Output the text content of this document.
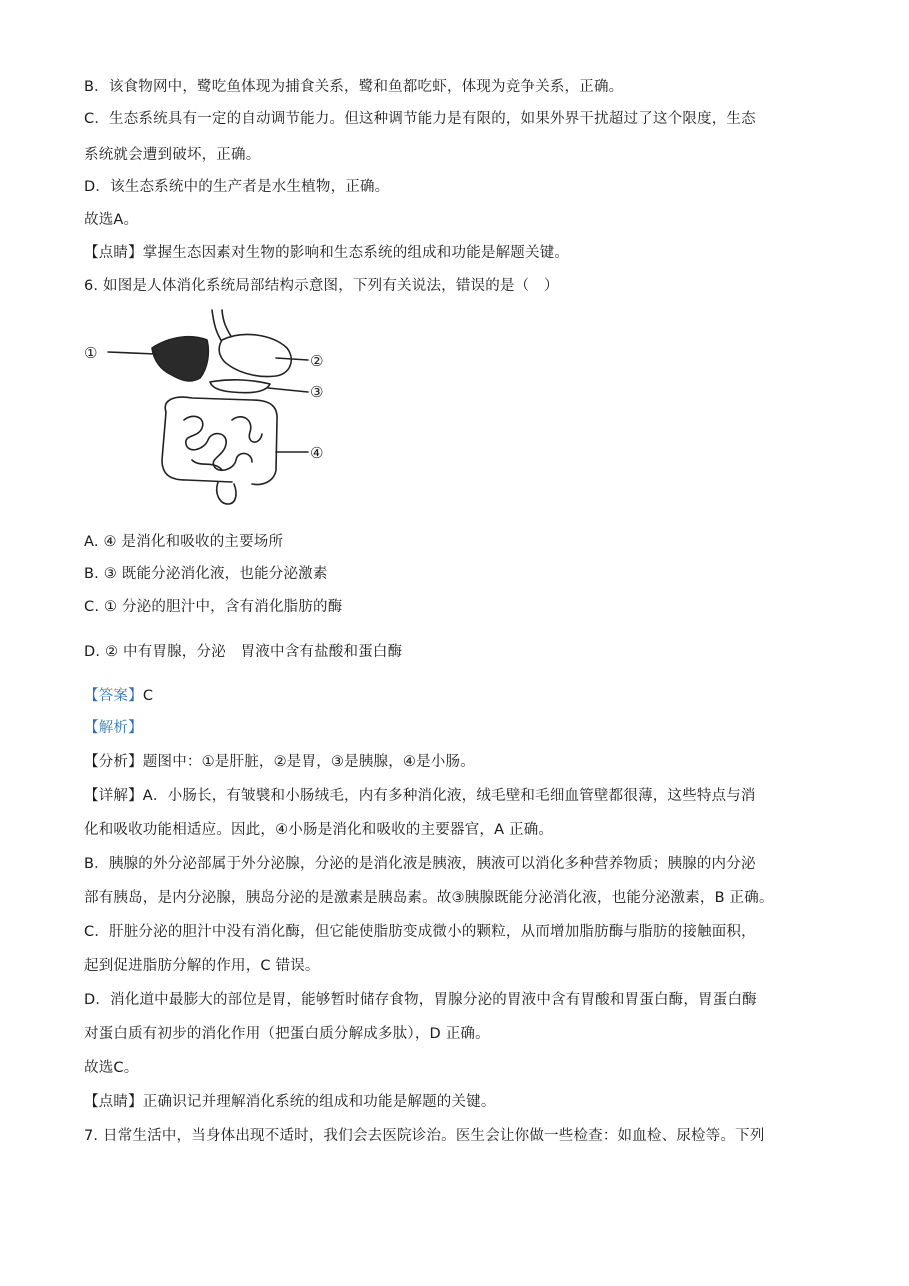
B．该食物网中，鹭吃鱼体现为捕食关系，鹭和鱼都吃虾，体现为竞争关系，正确。
C．生态系统具有一定的自动调节能力。但这种调节能力是有限的，如果外界干扰超过了这个限度，生态
系统就会遭到破坏，正确。
D．该生态系统中的生产者是水生植物，正确。
故选A。
【点睛】掌握生态因素对生物的影响和生态系统的组成和功能是解题关键。
6. 如图是人体消化系统局部结构示意图，下列有关说法，错误的是（　）
①	②
③
④
A. ④ 是消化和吸收的主要场所
B. ③ 既能分泌消化液，也能分泌激素
C. ① 分泌的胆汁中，含有消化脂肪的酶
D. ② 中有胃腺，分泌　胃液中含有盐酸和蛋白酶
【答案】C
【解析】
【分析】题图中：①是肝脏，②是胃，③是胰腺，④是小肠。
【详解】A．小肠长，有皱襞和小肠绒毛，内有多种消化液，绒毛壁和毛细血管壁都很薄，这些特点与消
化和吸收功能相适应。因此，④小肠是消化和吸收的主要器官，A 正确。
B．胰腺的外分泌部属于外分泌腺，分泌的是消化液是胰液，胰液可以消化多种营养物质；胰腺的内分泌
部有胰岛，是内分泌腺，胰岛分泌的是激素是胰岛素。故③胰腺既能分泌消化液，也能分泌激素，B 正确。
C．肝脏分泌的胆汁中没有消化酶，但它能使脂肪变成微小的颗粒，从而增加脂肪酶与脂肪的接触面积，
起到促进脂肪分解的作用，C 错误。
D．消化道中最膨大的部位是胃，能够暂时储存食物，胃腺分泌的胃液中含有胃酸和胃蛋白酶，胃蛋白酶
对蛋白质有初步的消化作用（把蛋白质分解成多肽），D 正确。
故选C。
【点睛】正确识记并理解消化系统的组成和功能是解题的关键。
7. 日常生活中，当身体出现不适时，我们会去医院诊治。医生会让你做一些检查：如血检、尿检等。下列
